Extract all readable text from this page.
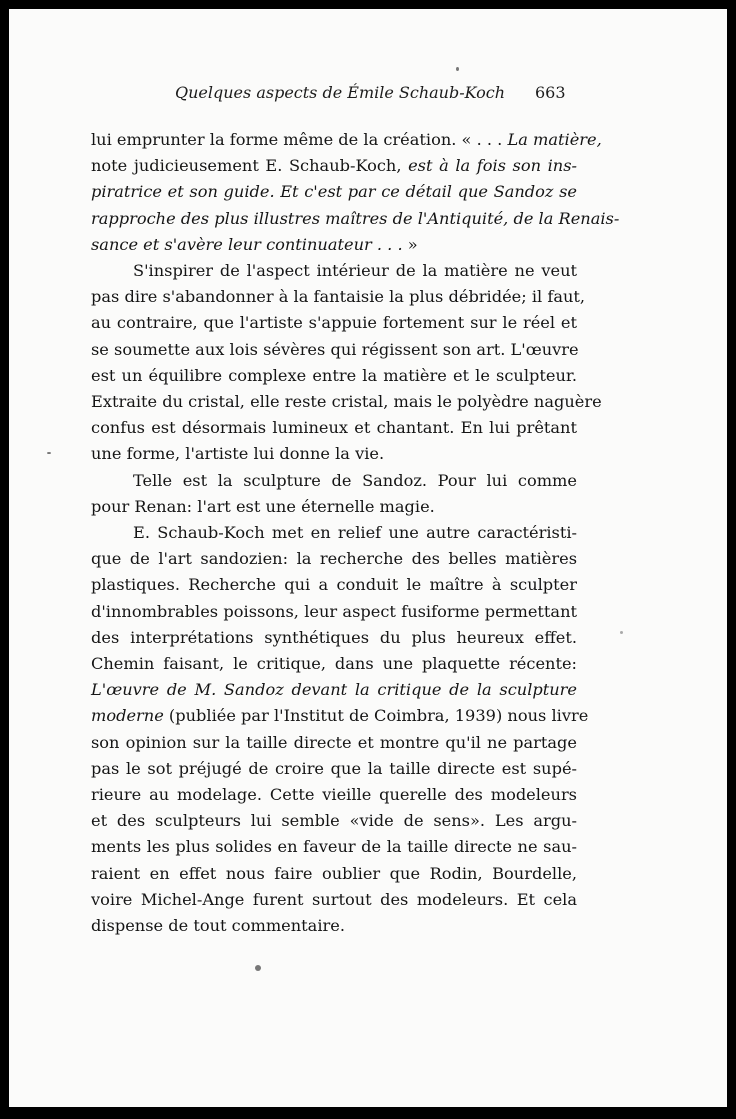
Quelques aspects de Émile Schaub-Koch 663
lui emprunter la forme même de la création. « . . . La matière,
note judicieusement E. Schaub-Koch, est à la fois son ins-
piratrice et son guide. Et c'est par ce détail que Sandoz se
rapproche des plus illustres maîtres de l'Antiquité, de la Renais-
sance et s'avère leur continuateur . . . »
S'inspirer de l'aspect intérieur de la matière ne veut
pas dire s'abandonner à la fantaisie la plus débridée; il faut,
au contraire, que l'artiste s'appuie fortement sur le réel et
se soumette aux lois sévères qui régissent son art. L'œuvre
est un équilibre complexe entre la matière et le sculpteur.
Extraite du cristal, elle reste cristal, mais le polyèdre naguère
confus est désormais lumineux et chantant. En lui prêtant
une forme, l'artiste lui donne la vie.
Telle est la sculpture de Sandoz. Pour lui comme
pour Renan: l'art est une éternelle magie.
E. Schaub-Koch met en relief une autre caractéristi-
que de l'art sandozien: la recherche des belles matières
plastiques. Recherche qui a conduit le maître à sculpter
d'innombrables poissons, leur aspect fusiforme permettant
des interprétations synthétiques du plus heureux effet.
Chemin faisant, le critique, dans une plaquette récente:
L'œuvre de M. Sandoz devant la critique de la sculpture
moderne (publiée par l'Institut de Coimbra, 1939) nous livre
son opinion sur la taille directe et montre qu'il ne partage
pas le sot préjugé de croire que la taille directe est supé-
rieure au modelage. Cette vieille querelle des modeleurs
et des sculpteurs lui semble «vide de sens». Les argu-
ments les plus solides en faveur de la taille directe ne sau-
raient en effet nous faire oublier que Rodin, Bourdelle,
voire Michel-Ange furent surtout des modeleurs. Et cela
dispense de tout commentaire.
